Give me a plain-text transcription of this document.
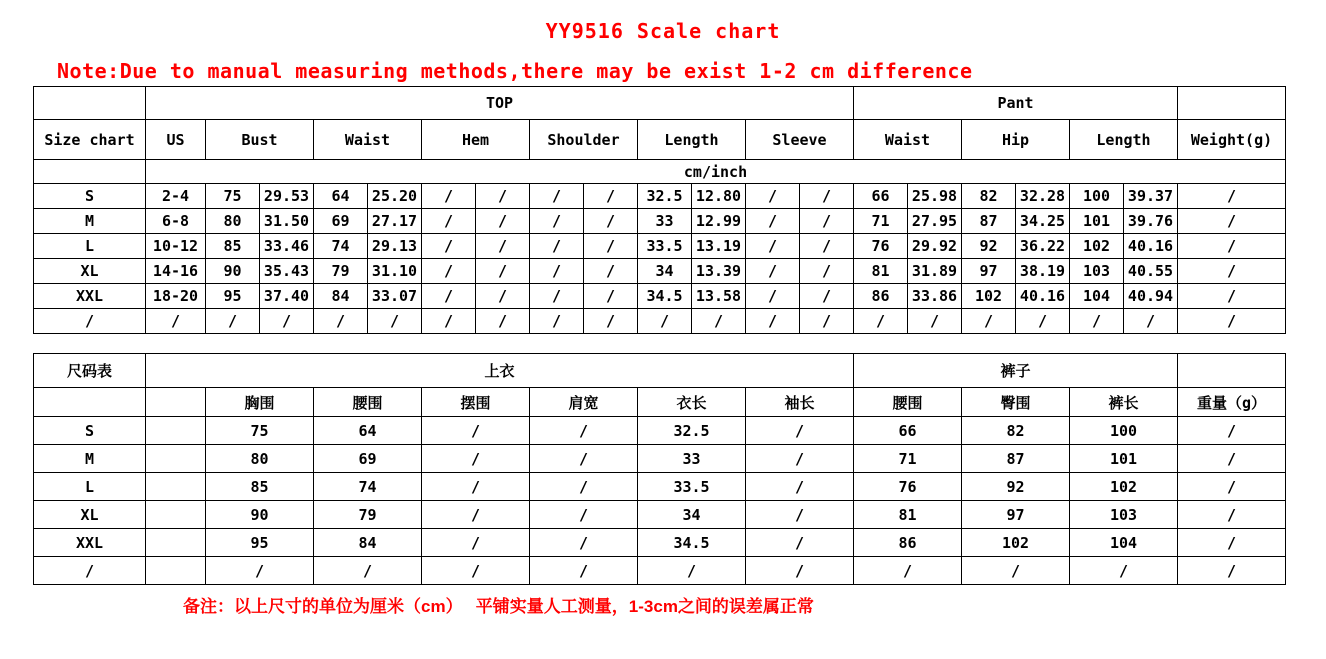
YY9516 Scale chart
Note:Due to manual measuring methods,there may be exist 1-2 cm difference
	TOP													Pant						
Size chart	US	Bust		Waist		Hem		Shoulder		Length		Sleeve		Waist		Hip		Length		Weight(g)
	cm/inch																			
S	2-4	75	29.53	64	25.20	/	/	/	/	32.5	12.80	/	/	66	25.98	82	32.28	100	39.37	/
M	6-8	80	31.50	69	27.17	/	/	/	/	33	12.99	/	/	71	27.95	87	34.25	101	39.76	/
L	10-12	85	33.46	74	29.13	/	/	/	/	33.5	13.19	/	/	76	29.92	92	36.22	102	40.16	/
XL	14-16	90	35.43	79	31.10	/	/	/	/	34	13.39	/	/	81	31.89	97	38.19	103	40.55	/
XXL	18-20	95	37.40	84	33.07	/	/	/	/	34.5	13.58	/	/	86	33.86	102	40.16	104	40.94	/
/	/	/	/	/	/	/	/	/	/	/	/	/	/	/	/	/	/	/	/	/
尺码表	上衣							裤子			
		胸围	腰围	摆围	肩宽	衣长	袖长	腰围	臀围	裤长	重量（g）
S		75	64	/	/	32.5	/	66	82	100	/
M		80	69	/	/	33	/	71	87	101	/
L		85	74	/	/	33.5	/	76	92	102	/
XL		90	79	/	/	34	/	81	97	103	/
XXL		95	84	/	/	34.5	/	86	102	104	/
/		/	/	/	/	/	/	/	/	/	/
备注：以上尺寸的单位为厘米（cm）　 平铺实量人工测量，1-3cm之间的误差属正常
